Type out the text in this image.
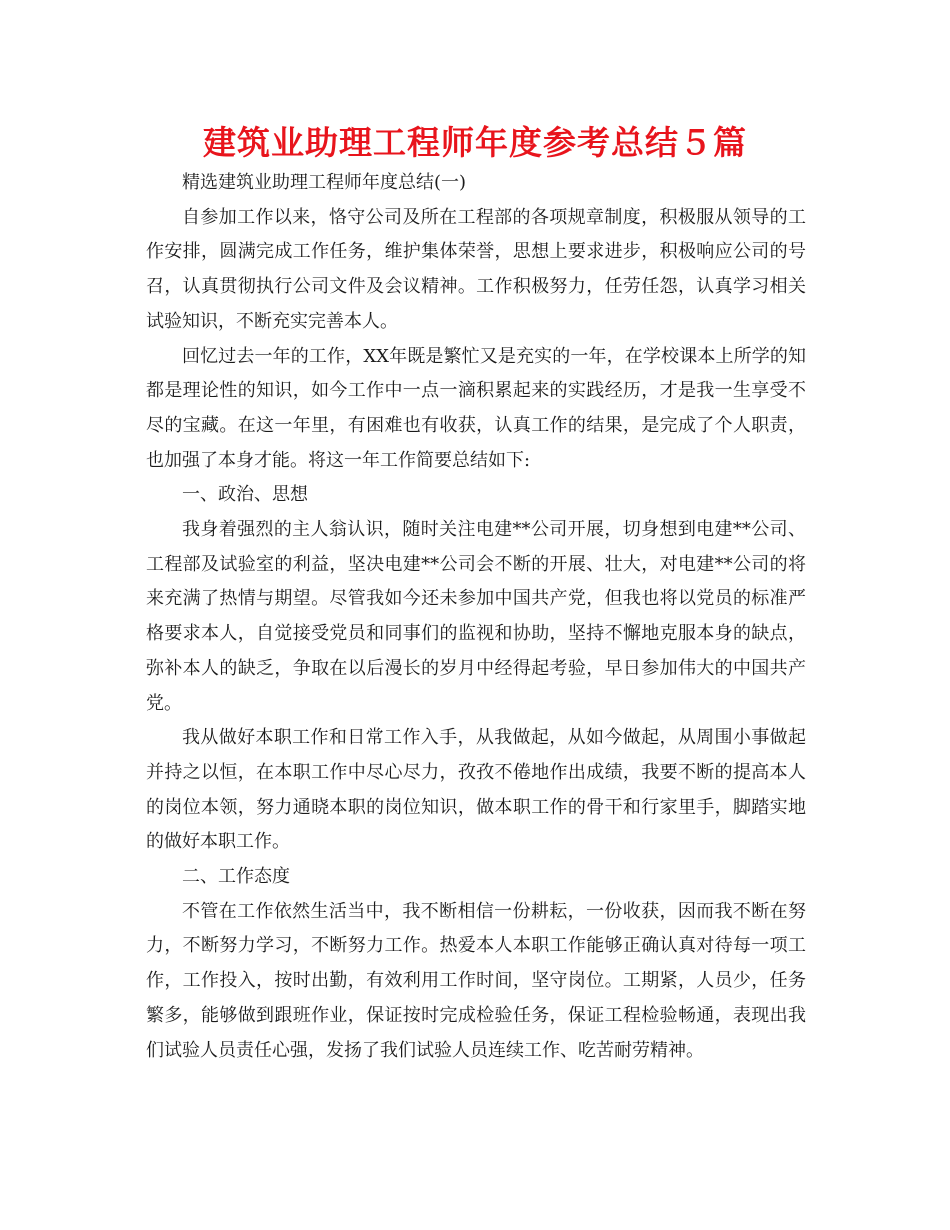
建筑业助理工程师年度参考总结５篇

精选建筑业助理工程师年度总结(一)

自参加工作以来，恪守公司及所在工程部的各项规章制度，积极服从领导的工作安排，圆满完成工作任务，维护集体荣誉，思想上要求进步，积极响应公司的号召，认真贯彻执行公司文件及会议精神。工作积极努力，任劳任怨，认真学习相关试验知识，不断充实完善本人。

回忆过去一年的工作，XX年既是繁忙又是充实的一年，在学校课本上所学的知都是理论性的知识，如今工作中一点一滴积累起来的实践经历，才是我一生享受不尽的宝藏。在这一年里，有困难也有收获，认真工作的结果，是完成了个人职责，也加强了本身才能。将这一年工作简要总结如下:

一、政治、思想

我身着强烈的主人翁认识，随时关注电建**公司开展，切身想到电建**公司、工程部及试验室的利益，坚决电建**公司会不断的开展、壮大，对电建**公司的将来充满了热情与期望。尽管我如今还未参加中国共产党，但我也将以党员的标准严格要求本人，自觉接受党员和同事们的监视和协助，坚持不懈地克服本身的缺点，弥补本人的缺乏，争取在以后漫长的岁月中经得起考验，早日参加伟大的中国共产党。

我从做好本职工作和日常工作入手，从我做起，从如今做起，从周围小事做起并持之以恒，在本职工作中尽心尽力，孜孜不倦地作出成绩，我要不断的提高本人的岗位本领，努力通晓本职的岗位知识，做本职工作的骨干和行家里手，脚踏实地的做好本职工作。

二、工作态度

不管在工作依然生活当中，我不断相信一份耕耘，一份收获，因而我不断在努力，不断努力学习，不断努力工作。热爱本人本职工作能够正确认真对待每一项工作，工作投入，按时出勤，有效利用工作时间，坚守岗位。工期紧，人员少，任务繁多，能够做到跟班作业，保证按时完成检验任务，保证工程检验畅通，表现出我们试验人员责任心强，发扬了我们试验人员连续工作、吃苦耐劳精神。
